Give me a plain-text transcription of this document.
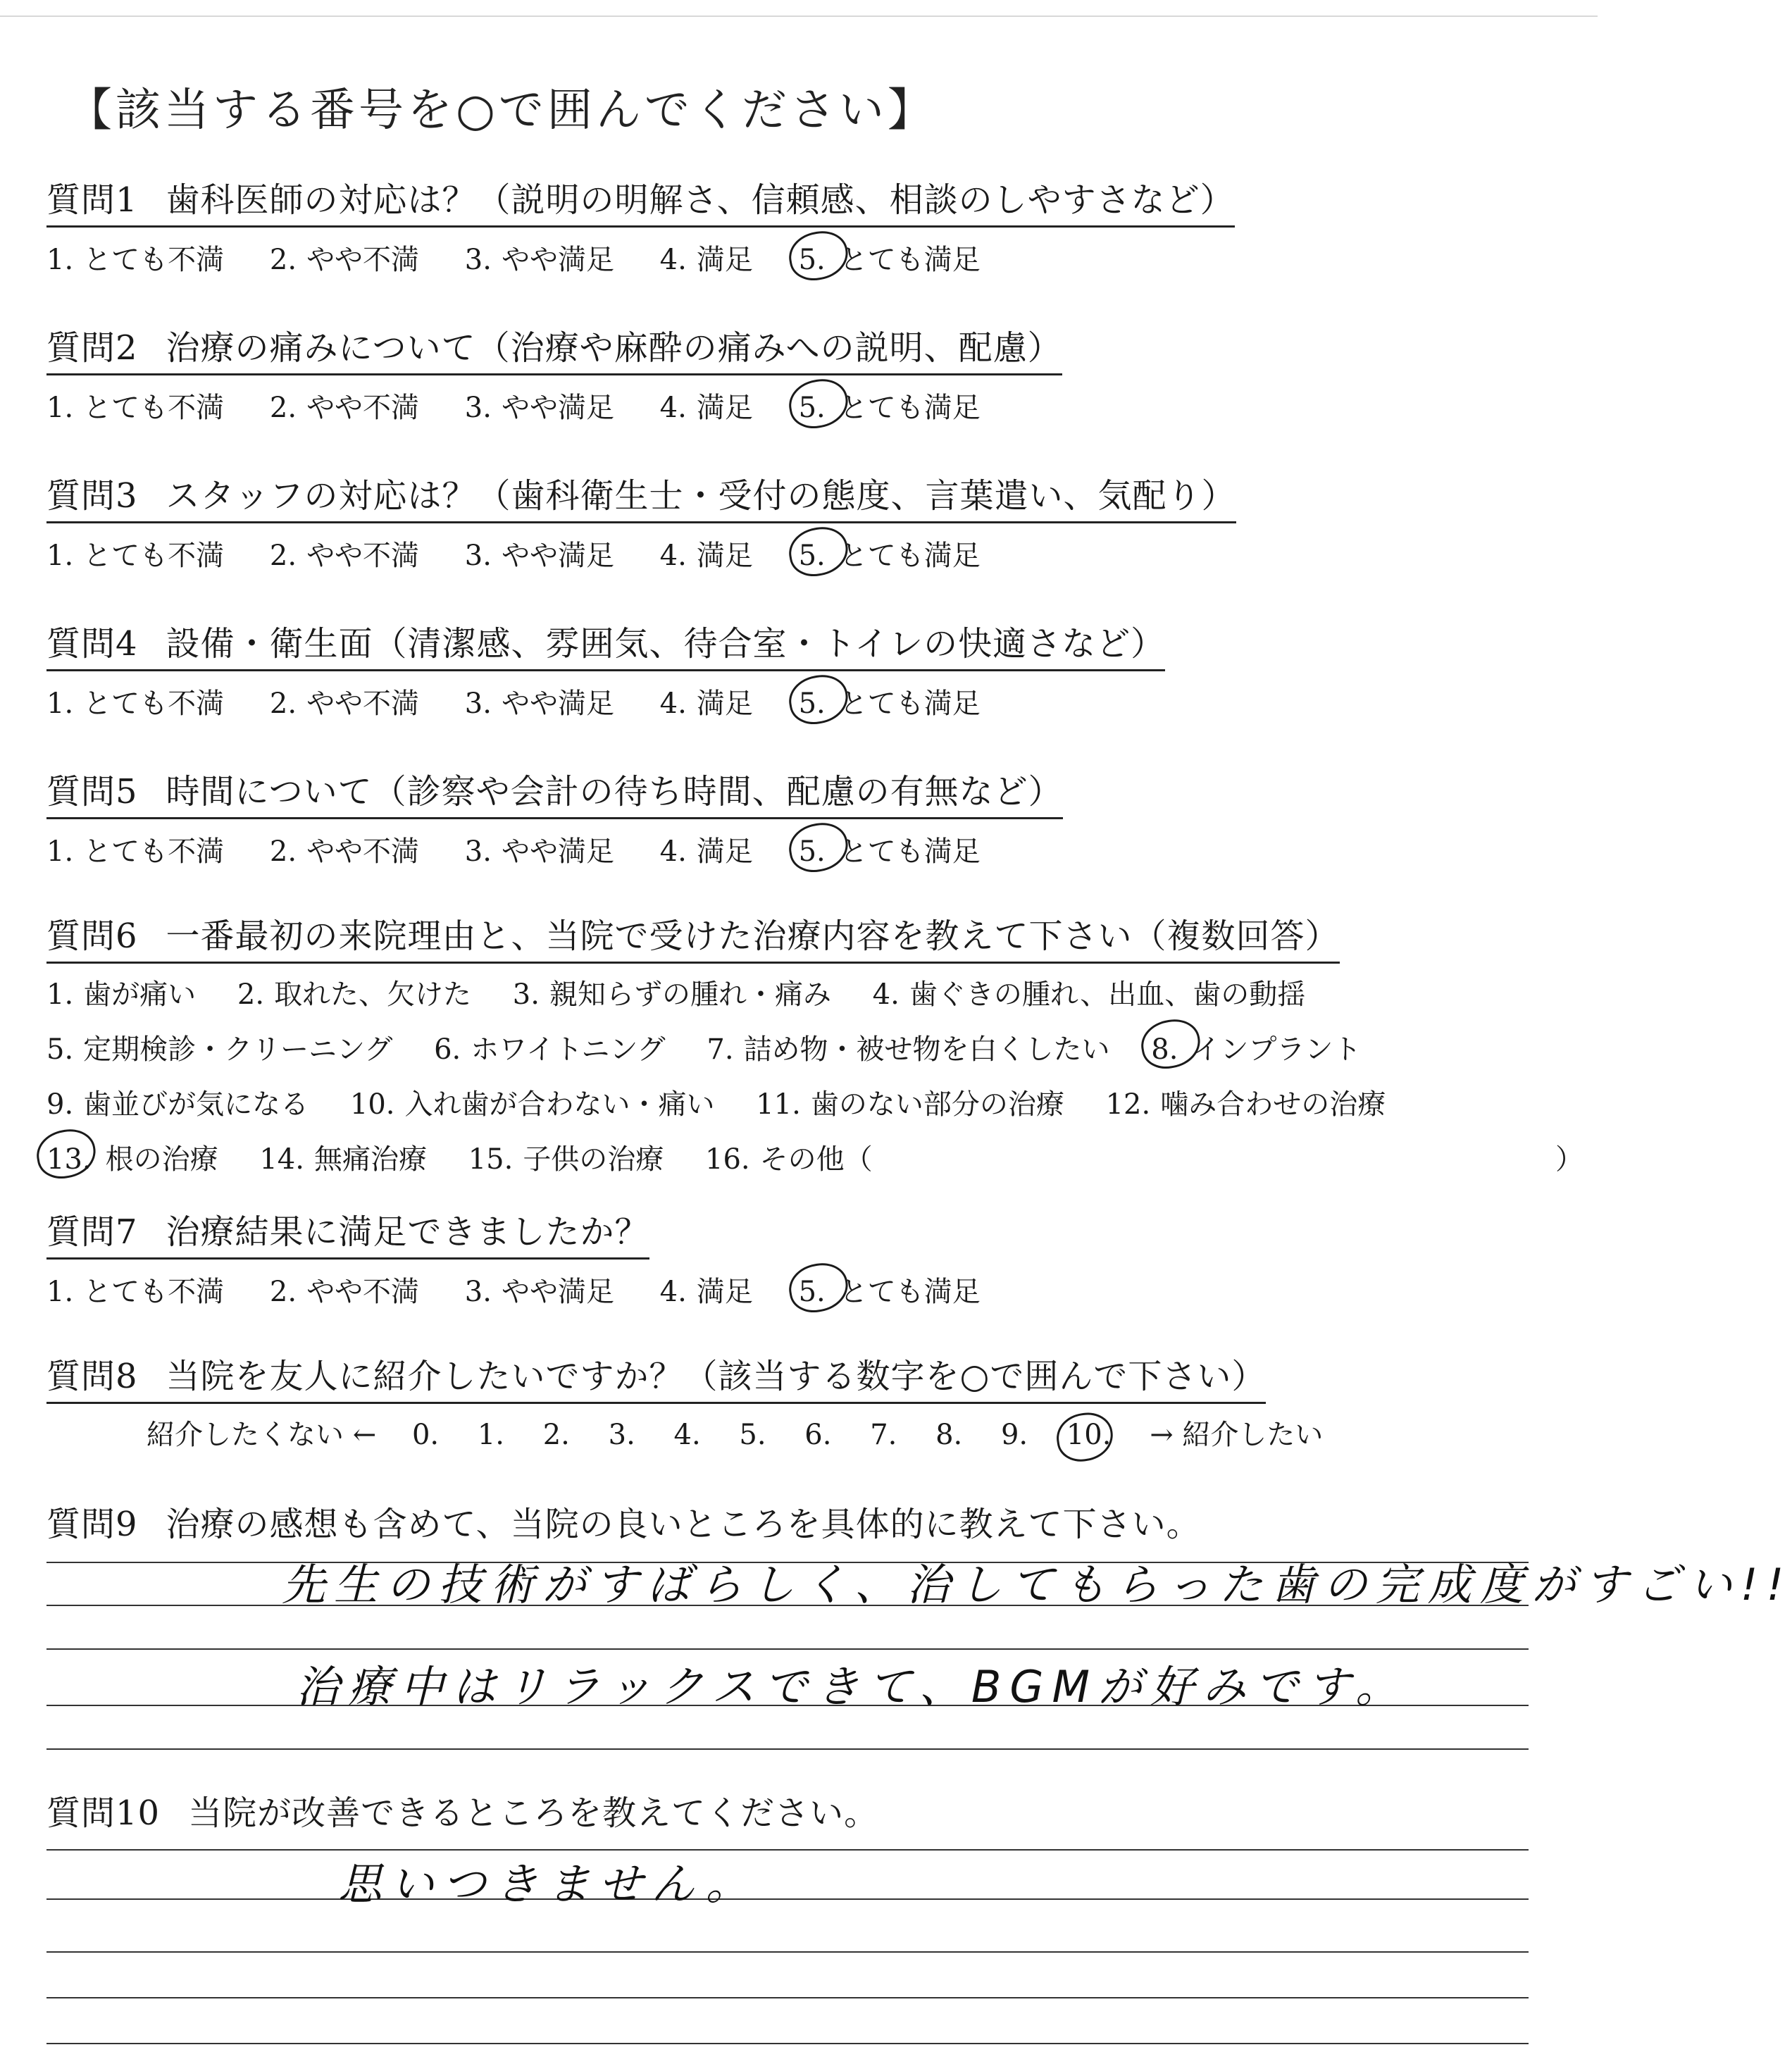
【該当する番号を○で囲んでください】
質問1 歯科医師の対応は？（説明の明解さ、信頼感、相談のしやすさなど）
1. とても不満 2. やや不満 3. やや満足 4. 満足 5. とても満足
質問2 治療の痛みについて（治療や麻酔の痛みへの説明、配慮）
1. とても不満 2. やや不満 3. やや満足 4. 満足 5. とても満足
質問3 スタッフの対応は？（歯科衛生士・受付の態度、言葉遣い、気配り）
1. とても不満 2. やや不満 3. やや満足 4. 満足 5. とても満足
質問4 設備・衛生面（清潔感、雰囲気、待合室・トイレの快適さなど）
1. とても不満 2. やや不満 3. やや満足 4. 満足 5. とても満足
質問5 時間について（診察や会計の待ち時間、配慮の有無など）
1. とても不満 2. やや不満 3. やや満足 4. 満足 5. とても満足
質問6 一番最初の来院理由と、当院で受けた治療内容を教えて下さい（複数回答）
1. 歯が痛い 2. 取れた、欠けた 3. 親知らずの腫れ・痛み 4. 歯ぐきの腫れ、出血、歯の動揺
5. 定期検診・クリーニング 6. ホワイトニング 7. 詰め物・被せ物を白くしたい 8. インプラント
9. 歯並びが気になる 10. 入れ歯が合わない・痛い 11. 歯のない部分の治療 12. 噛み合わせの治療
13. 根の治療 14. 無痛治療 15. 子供の治療 16. その他（	）
質問7 治療結果に満足できましたか？
1. とても不満 2. やや不満 3. やや満足 4. 満足 5. とても満足
質問8 当院を友人に紹介したいですか？（該当する数字を○で囲んで下さい）
紹介したくない ← 0. 1. 2. 3. 4. 5. 6. 7. 8. 9. 10. → 紹介したい
質問9 治療の感想も含めて、当院の良いところを具体的に教えて下さい。
先生の技術がすばらしく、治してもらった歯の完成度がすごい!!
治療中はリラックスできて、BGMが好みです。
質問10 当院が改善できるところを教えてください。
思いつきません。
